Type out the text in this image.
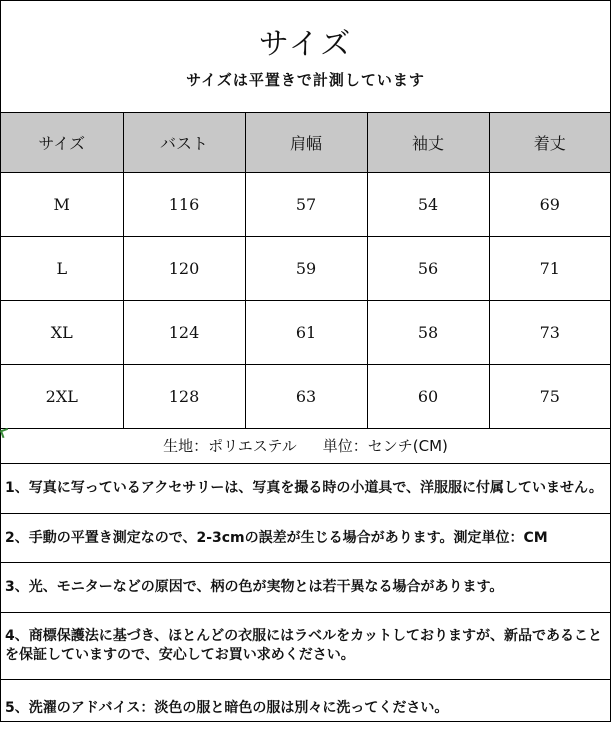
サイズ
サイズは平置きで計測しています
サイズ	バスト	肩幅	袖丈	着丈
M	116	57	54	69
L	120	59	56	71
XL	124	61	58	73
2XL	128	63	60	75
生地：ポリエステル 単位：センチ(CM)
1、写真に写っているアクセサリーは、写真を撮る時の小道具で、洋服服に付属していません。
2、手動の平置き測定なので、2-3cmの誤差が生じる場合があります。測定単位：CM
3、光、モニターなどの原因で、柄の色が実物とは若干異なる場合があります。
4、商標保護法に基づき、ほとんどの衣服にはラベルをカットしておりますが、新品であることを保証していますので、安心してお買い求めください。
5、洗濯のアドバイス：淡色の服と暗色の服は別々に洗ってください。
